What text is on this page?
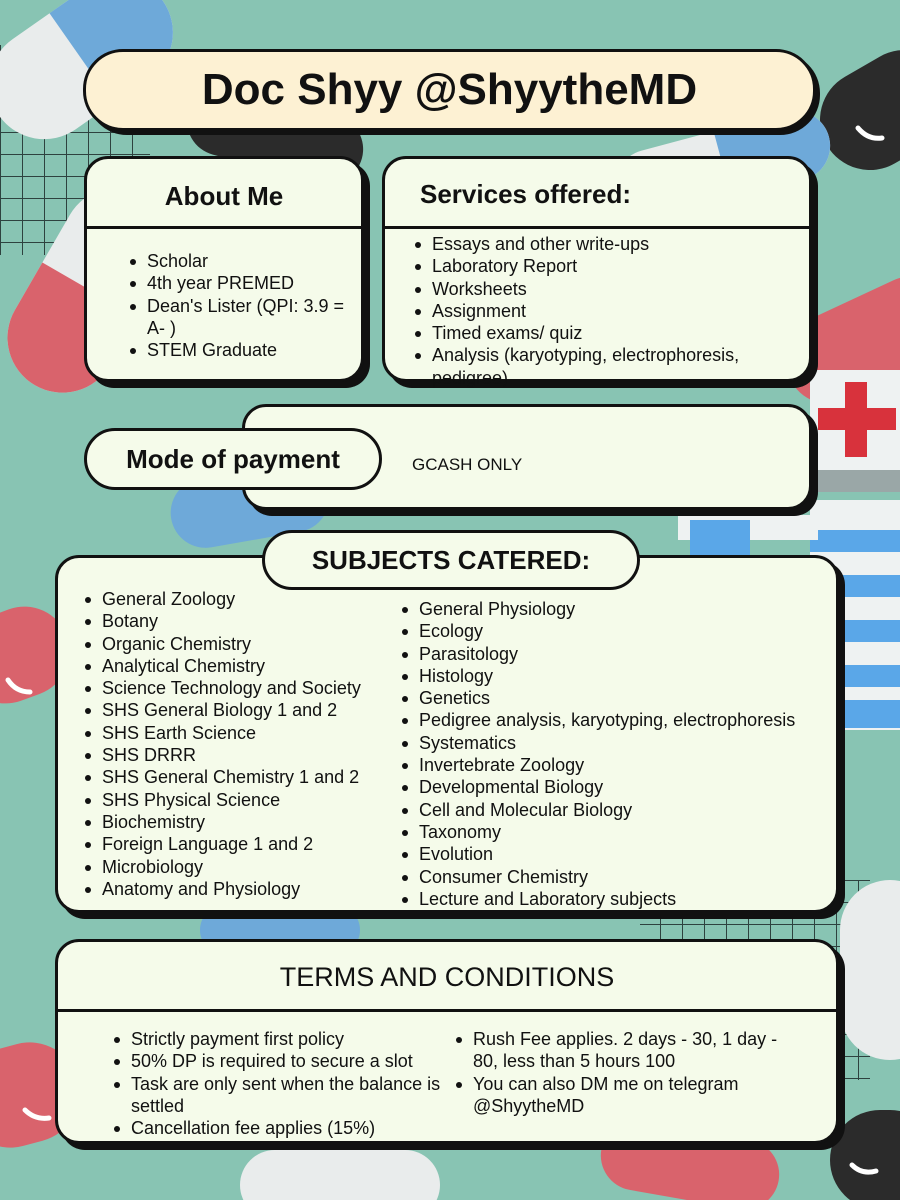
Doc Shyy @ShyytheMD
About Me
Scholar
4th year PREMED
Dean's Lister (QPI: 3.9 = A- )
STEM Graduate
Services offered:
Essays and other write-ups
Laboratory Report
Worksheets
Assignment
Timed exams/ quiz
Analysis (karyotyping, electrophoresis, pedigree)
GCASH ONLY
Mode of payment
General Zoology
Botany
Organic Chemistry
Analytical Chemistry
Science Technology and Society
SHS General Biology 1 and 2
SHS Earth Science
SHS DRRR
SHS General Chemistry 1 and 2
SHS Physical Science
Biochemistry
Foreign Language 1 and 2
Microbiology
Anatomy and Physiology
General Physiology
Ecology
Parasitology
Histology
Genetics
Pedigree analysis, karyotyping, electrophoresis
Systematics
Invertebrate Zoology
Developmental Biology
Cell and Molecular Biology
Taxonomy
Evolution
Consumer Chemistry
Lecture and Laboratory subjects
SUBJECTS CATERED:
TERMS AND CONDITIONS
Strictly payment first policy
50% DP is required to secure a slot
Task are only sent when the balance is settled
Cancellation fee applies (15%)
Rush Fee applies. 2 days - 30, 1 day - 80, less than 5 hours 100
You can also DM me on telegram @ShyytheMD
